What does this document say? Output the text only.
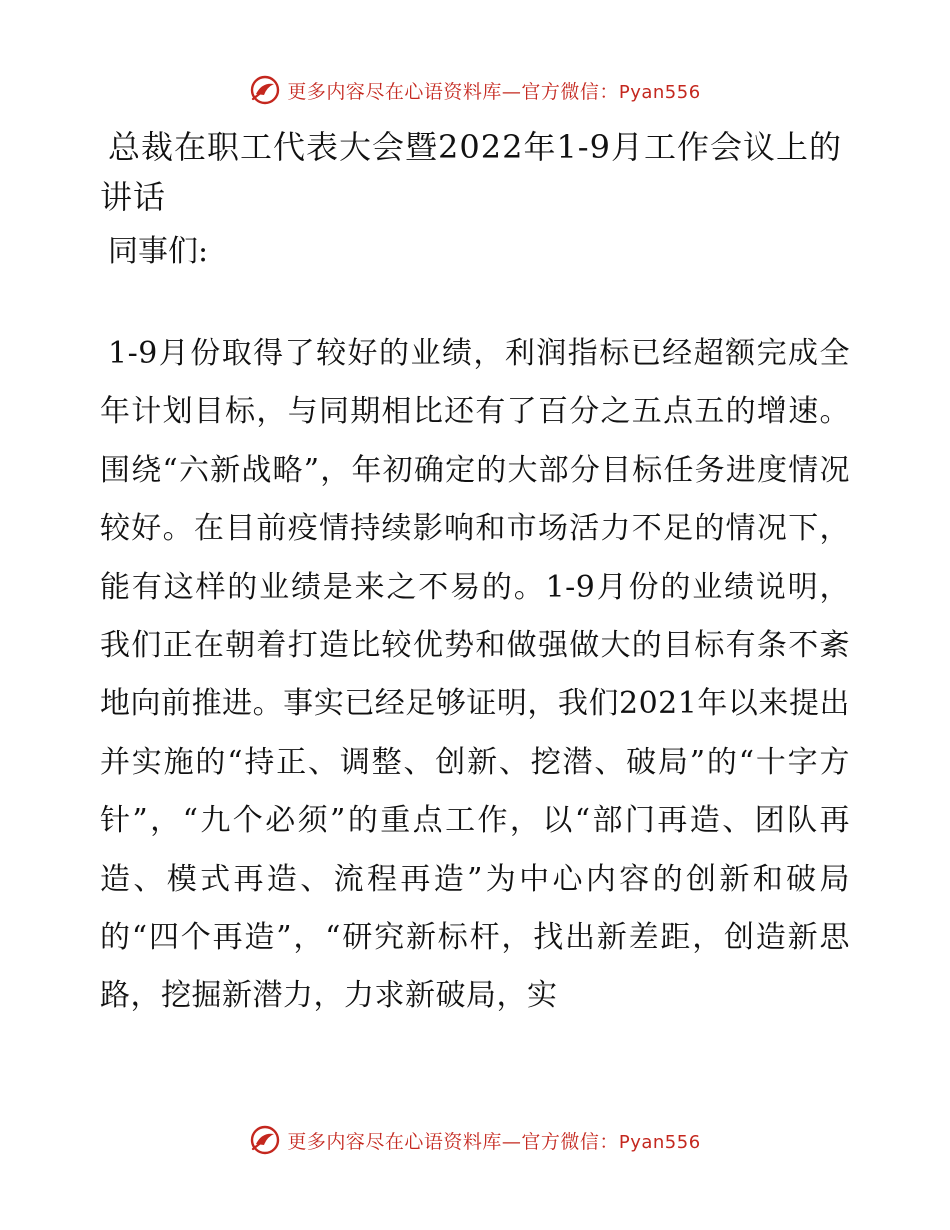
更多内容尽在心语资料库—官方微信：Pyan556
总裁在职工代表大会暨2022年1-9月工作会议上的讲话

同事们:

1-9月份取得了较好的业绩，利润指标已经超额完成全年计划目标，与同期相比还有了百分之五点五的增速。围绕“六新战略”，年初确定的大部分目标任务进度情况较好。在目前疫情持续影响和市场活力不足的情况下，能有这样的业绩是来之不易的。1-9月份的业绩说明，我们正在朝着打造比较优势和做强做大的目标有条不紊地向前推进。事实已经足够证明，我们2021年以来提出并实施的“持正、调整、创新、挖潜、破局”的“十字方针”，“九个必须”的重点工作，以“部门再造、团队再造、模式再造、流程再造”为中心内容的创新和破局的“四个再造”，“研究新标杆，找出新差距，创造新思路，挖掘新潜力，力求新破局，实

更多内容尽在心语资料库—官方微信：Pyan556
